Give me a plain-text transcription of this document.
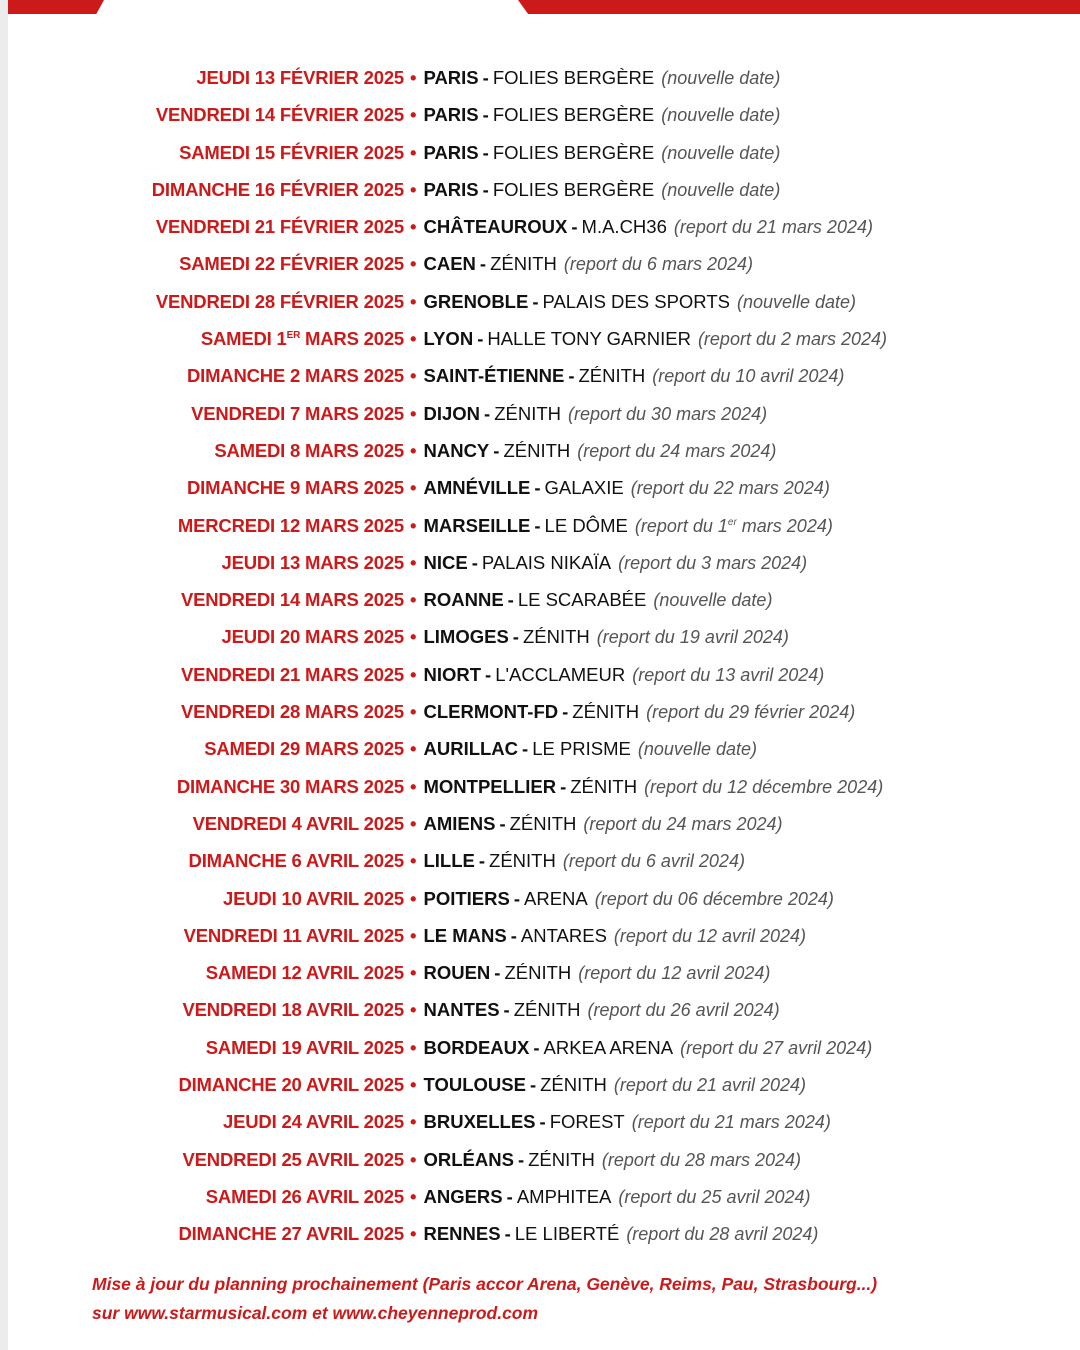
JEUDI 13 FÉVRIER 2025 • PARIS - FOLIES BERGÈRE (nouvelle date)
VENDREDI 14 FÉVRIER 2025 • PARIS - FOLIES BERGÈRE (nouvelle date)
SAMEDI 15 FÉVRIER 2025 • PARIS - FOLIES BERGÈRE (nouvelle date)
DIMANCHE 16 FÉVRIER 2025 • PARIS - FOLIES BERGÈRE (nouvelle date)
VENDREDI 21 FÉVRIER 2025 • CHÂTEAUROUX - M.A.CH36 (report du 21 mars 2024)
SAMEDI 22 FÉVRIER 2025 • CAEN - ZÉNITH (report du 6 mars 2024)
VENDREDI 28 FÉVRIER 2025 • GRENOBLE - PALAIS DES SPORTS (nouvelle date)
SAMEDI 1ER MARS 2025 • LYON - HALLE TONY GARNIER (report du 2 mars 2024)
DIMANCHE 2 MARS 2025 • SAINT-ÉTIENNE - ZÉNITH (report du 10 avril 2024)
VENDREDI 7 MARS 2025 • DIJON - ZÉNITH (report du 30 mars 2024)
SAMEDI 8 MARS 2025 • NANCY - ZÉNITH (report du 24 mars 2024)
DIMANCHE 9 MARS 2025 • AMNÉVILLE - GALAXIE (report du 22 mars 2024)
MERCREDI 12 MARS 2025 • MARSEILLE - LE DÔME (report du 1er mars 2024)
JEUDI 13 MARS 2025 • NICE - PALAIS NIKAÏA (report du 3 mars 2024)
VENDREDI 14 MARS 2025 • ROANNE - LE SCARABÉE (nouvelle date)
JEUDI 20 MARS 2025 • LIMOGES - ZÉNITH (report du 19 avril 2024)
VENDREDI 21 MARS 2025 • NIORT - L'ACCLAMEUR (report du 13 avril 2024)
VENDREDI 28 MARS 2025 • CLERMONT-FD - ZÉNITH (report du 29 février 2024)
SAMEDI 29 MARS 2025 • AURILLAC - LE PRISME (nouvelle date)
DIMANCHE 30 MARS 2025 • MONTPELLIER - ZÉNITH (report du 12 décembre 2024)
VENDREDI 4 AVRIL 2025 • AMIENS - ZÉNITH (report du 24 mars 2024)
DIMANCHE 6 AVRIL 2025 • LILLE - ZÉNITH (report du 6 avril 2024)
JEUDI 10 AVRIL 2025 • POITIERS - ARENA (report du 06 décembre 2024)
VENDREDI 11 AVRIL 2025 • LE MANS - ANTARES (report du 12 avril 2024)
SAMEDI 12 AVRIL 2025 • ROUEN - ZÉNITH (report du 12 avril 2024)
VENDREDI 18 AVRIL 2025 • NANTES - ZÉNITH (report du 26 avril 2024)
SAMEDI 19 AVRIL 2025 • BORDEAUX - ARKEA ARENA (report du 27 avril 2024)
DIMANCHE 20 AVRIL 2025 • TOULOUSE - ZÉNITH (report du 21 avril 2024)
JEUDI 24 AVRIL 2025 • BRUXELLES - FOREST (report du 21 mars 2024)
VENDREDI 25 AVRIL 2025 • ORLÉANS - ZÉNITH (report du 28 mars 2024)
SAMEDI 26 AVRIL 2025 • ANGERS - AMPHITEA (report du 25 avril 2024)
DIMANCHE 27 AVRIL 2025 • RENNES - LE LIBERTÉ (report du 28 avril 2024)
Mise à jour du planning prochainement (Paris accor Arena, Genève, Reims, Pau, Strasbourg...)
sur www.starmusical.com et www.cheyenneprod.com
